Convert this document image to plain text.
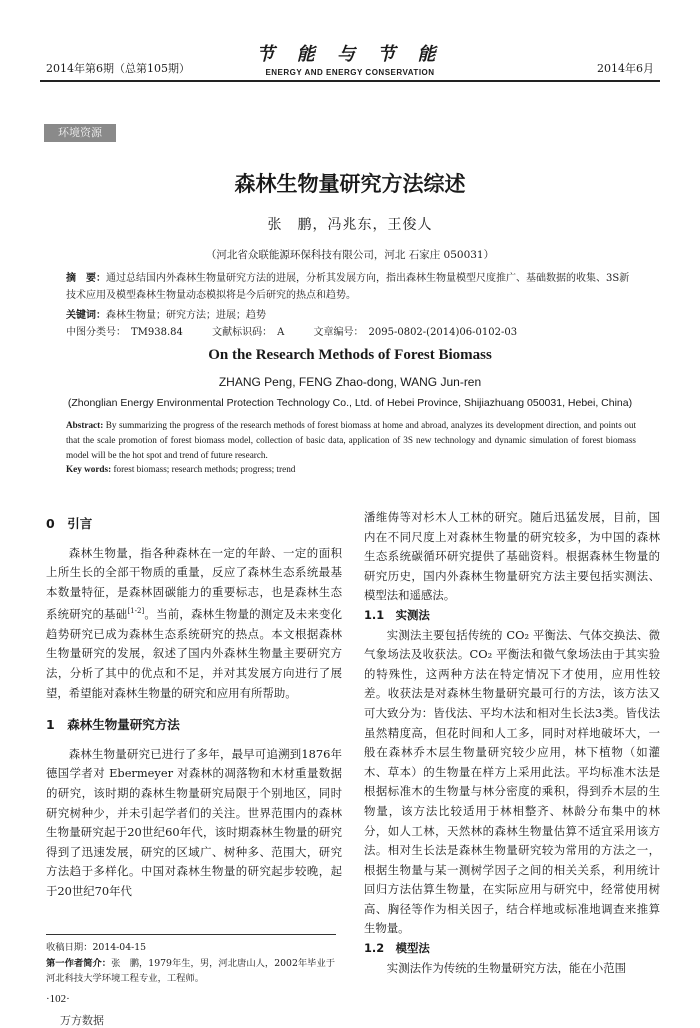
2014年第6期（总第105期）
节 能 与 节 能
ENERGY AND ENERGY CONSERVATION	2014年6月
环境资源
森林生物量研究方法综述
张　鹏，冯兆东，王俊人
（河北省众联能源环保科技有限公司，河北 石家庄 050031）
摘　要：通过总结国内外森林生物量研究方法的进展，分析其发展方向，指出森林生物量模型尺度推广、基础数据的收集、3S新技术应用及模型森林生物量动态模拟将是今后研究的热点和趋势。
关键词：森林生物量；研究方法；进展；趋势
中图分类号：　TM938.84	文献标识码：　A	文章编号：　2095-0802-(2014)06-0102-03
On the Research Methods of Forest Biomass
ZHANG Peng, FENG Zhao-dong, WANG Jun-ren
(Zhonglian Energy Environmental Protection Technology Co., Ltd. of Hebei Province, Shijiazhuang 050031, Hebei, China)
Abstract: By summarizing the progress of the research methods of forest biomass at home and abroad, analyzes its development direction, and points out that the scale promotion of forest biomass model, collection of basic data, application of 3S new technology and dynamic simulation of forest biomass model will be the hot spot and trend of future research.
Key words: forest biomass; research methods; progress; trend
0　引言

森林生物量，指各种森林在一定的年龄、一定的面积上所生长的全部干物质的重量，反应了森林生态系统最基本数量特征，是森林固碳能力的重要标志，也是森林生态系统研究的基础[1-2]。当前，森林生物量的测定及未来变化趋势研究已成为森林生态系统研究的热点。本文根据森林生物量研究的发展，叙述了国内外森林生物量主要研究方法，分析了其中的优点和不足，并对其发展方向进行了展望，希望能对森林生物量的研究和应用有所帮助。

1　森林生物量研究方法

森林生物量研究已进行了多年，最早可追溯到1876年德国学者对 Ebermeyer 对森林的凋落物和木材重量数据的研究，该时期的森林生物量研究局限于个别地区，同时研究树种少，并未引起学者们的关注。世界范围内的森林生物量研究起于20世纪60年代，该时期森林生物量的研究得到了迅速发展，研究的区域广、树种多、范围大，研究方法趋于多样化。中国对森林生物量的研究起步较晚，起于20世纪70年代

潘维俦等对杉木人工林的研究。随后迅猛发展，目前，国内在不同尺度上对森林生物量的研究较多，为中国的森林生态系统碳循环研究提供了基础资料。根据森林生物量的研究历史，国内外森林生物量研究方法主要包括实测法、模型法和遥感法。

1.1　实测法

实测法主要包括传统的 CO₂ 平衡法、气体交换法、微气象场法及收获法。CO₂ 平衡法和微气象场法由于其实验的特殊性，这两种方法在特定情况下才使用，应用性较差。收获法是对森林生物量研究最可行的方法，该方法又可大致分为：皆伐法、平均木法和相对生长法3类。皆伐法虽然精度高，但花时间和人工多，同时对样地破坏大，一般在森林乔木层生物量研究较少应用，林下植物（如灌木、草本）的生物量在样方上采用此法。平均标准木法是根据标准木的生物量与林分密度的乘积，得到乔木层的生物量，该方法比较适用于林相整齐、林龄分布集中的林分，如人工林，天然林的森林生物量估算不适宜采用该方法。相对生长法是森林生物量研究较为常用的方法之一，根据生物量与某一测树学因子之间的相关关系，利用统计回归方法估算生物量，在实际应用与研究中，经常使用树高、胸径等作为相关因子，结合样地或标准地调查来推算生物量。

1.2　模型法

实测法作为传统的生物量研究方法，能在小范围

收稿日期：2014-04-15
第一作者简介：张　鹏，1979年生，男，河北唐山人，2002年毕业于河北科技大学环境工程专业，工程师。
·102·
万方数据
